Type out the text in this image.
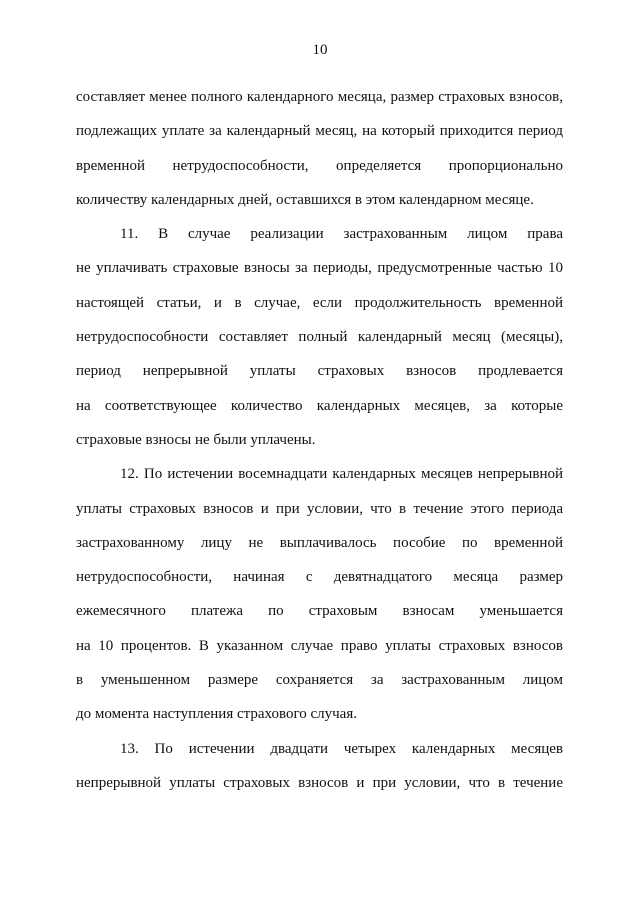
10
составляет менее полного календарного месяца, размер страховых взносов,
подлежащих уплате за календарный месяц, на который приходится период
временной нетрудоспособности, определяется пропорционально
количеству календарных дней, оставшихся в этом календарном месяце.
11. В случае реализации застрахованным лицом права
не уплачивать страховые взносы за периоды, предусмотренные частью 10
настоящей статьи, и в случае, если продолжительность временной
нетрудоспособности составляет полный календарный месяц (месяцы),
период непрерывной уплаты страховых взносов продлевается
на соответствующее количество календарных месяцев, за которые
страховые взносы не были уплачены.
12. По истечении восемнадцати календарных месяцев непрерывной
уплаты страховых взносов и при условии, что в течение этого периода
застрахованному лицу не выплачивалось пособие по временной
нетрудоспособности, начиная с девятнадцатого месяца размер
ежемесячного платежа по страховым взносам уменьшается
на 10 процентов. В указанном случае право уплаты страховых взносов
в уменьшенном размере сохраняется за застрахованным лицом
до момента наступления страхового случая.
13. По истечении двадцати четырех календарных месяцев
непрерывной уплаты страховых взносов и при условии, что в течение
